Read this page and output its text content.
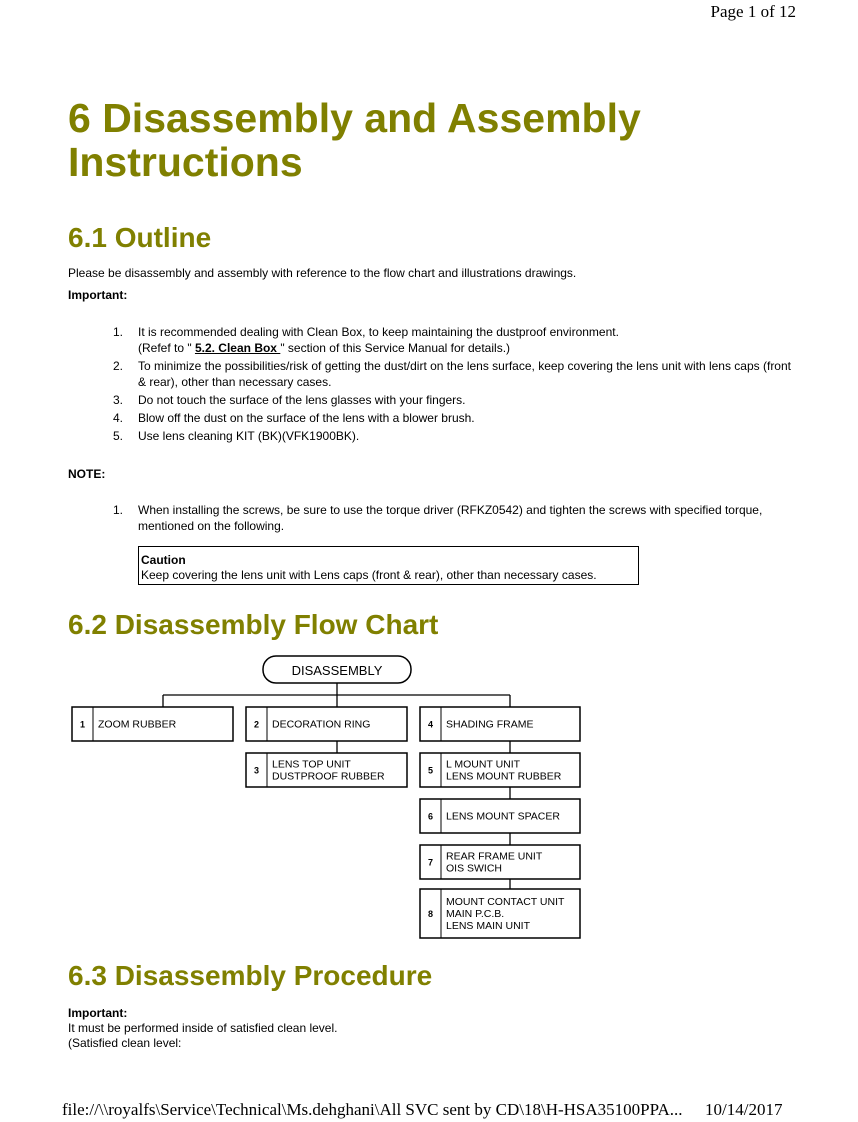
Page 1 of 12
6 Disassembly and Assembly Instructions
6.1 Outline
Please be disassembly and assembly with reference to the flow chart and illustrations drawings.
Important:
1. It is recommended dealing with Clean Box, to keep maintaining the dustproof environment.
(Refef to " 5.2. Clean Box " section of this Service Manual for details.)
2. To minimize the possibilities/risk of getting the dust/dirt on the lens surface, keep covering the lens unit with lens caps (front & rear), other than necessary cases.
3. Do not touch the surface of the lens glasses with your fingers.
4. Blow off the dust on the surface of the lens with a blower brush.
5. Use lens cleaning KIT (BK)(VFK1900BK).
NOTE:
1. When installing the screws, be sure to use the torque driver (RFKZ0542) and tighten the screws with specified torque, mentioned on the following.
Caution
Keep covering the lens unit with Lens caps (front & rear), other than necessary cases.
6.2 Disassembly Flow Chart
DISASSEMBLY
1 ZOOM RUBBER	2 DECORATION RING
3 LENS TOP UNIT
DUSTPROOF RUBBER
4 SHADING FRAME
5 L MOUNT UNIT
LENS MOUNT RUBBER
6 LENS MOUNT SPACER
7 REAR FRAME UNIT
OIS SWICH
8
MOUNT CONTACT UNIT
MAIN P.C.B.
LENS MAIN UNIT
6.3 Disassembly Procedure
Important:
It must be performed inside of satisfied clean level.
(Satisfied clean level:
file://\\royalfs\Service\Technical\Ms.dehghani\All SVC sent by CD\18\H-HSA35100PPA... 10/14/2017
